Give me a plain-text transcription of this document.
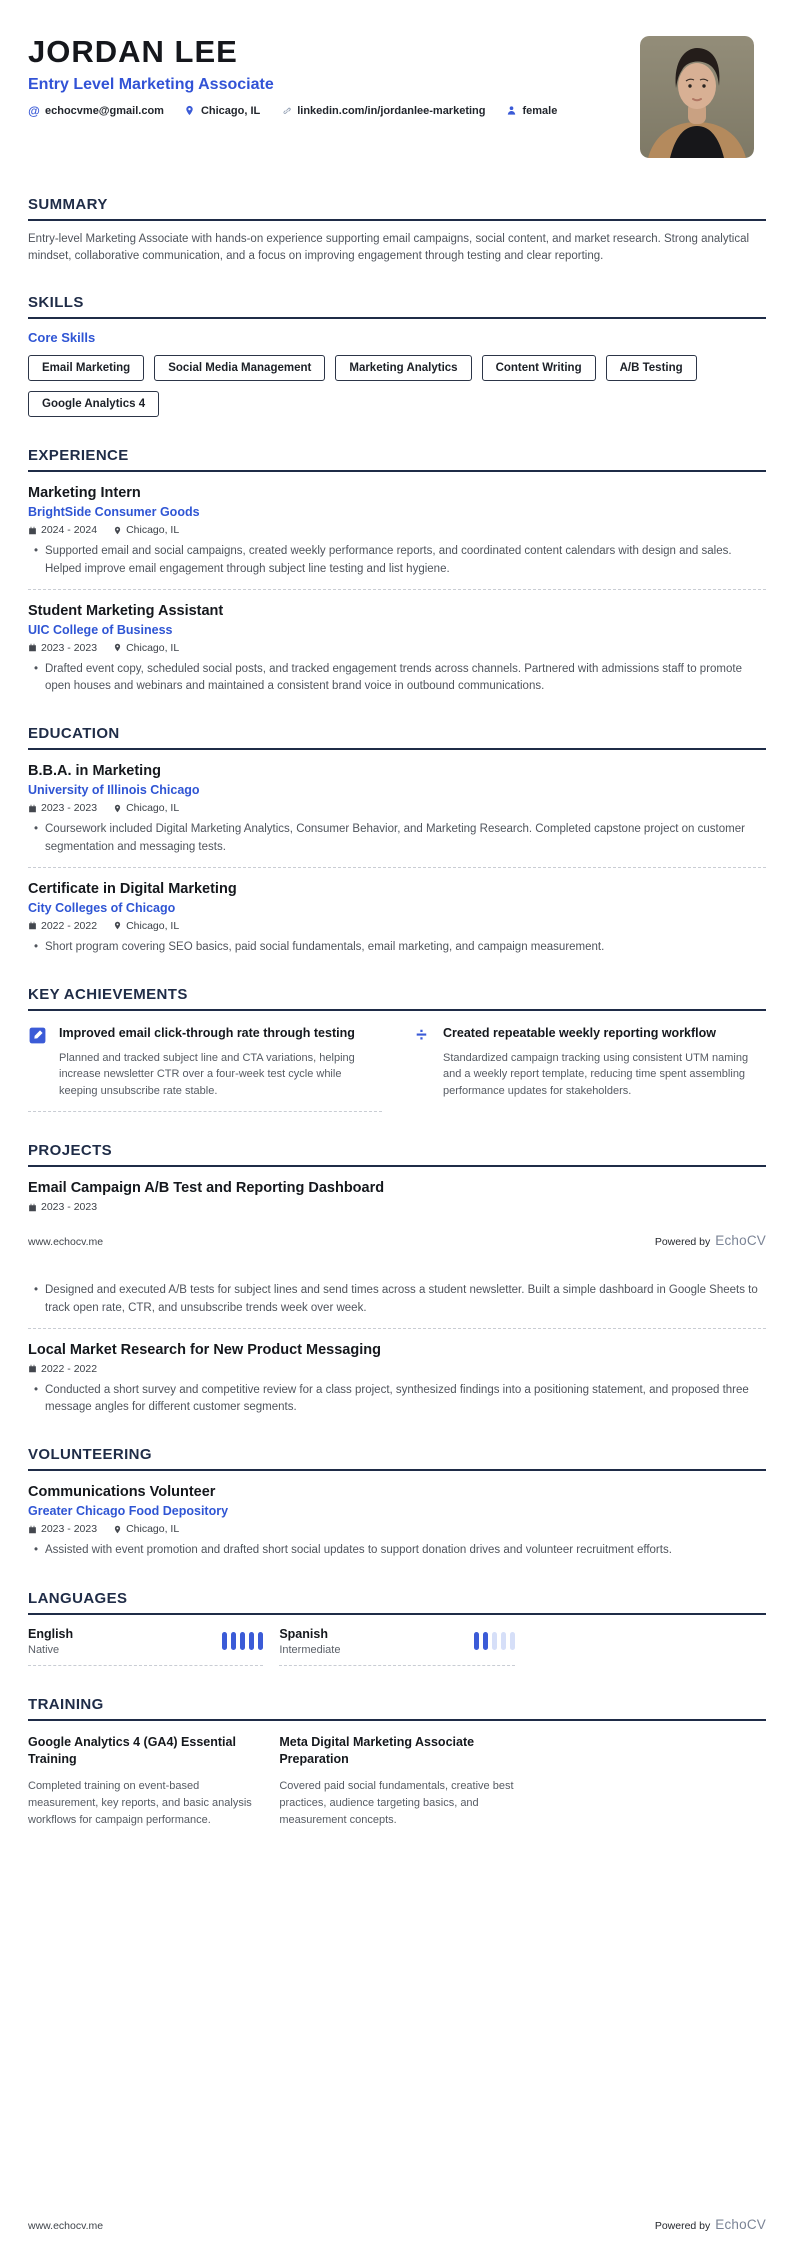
JORDAN LEE
Entry Level Marketing Associate
@ echocvme@gmail.com	Chicago, IL	linkedin.com/in/jordanlee-marketing	female
SUMMARY

Entry-level Marketing Associate with hands-on experience supporting email campaigns, social content, and market research. Strong analytical mindset, collaborative communication, and a focus on improving engagement through testing and clear reporting.

SKILLS
Core Skills
Email Marketing	Social Media Management	Marketing Analytics	Content Writing	A/B Testing
Google Analytics 4
EXPERIENCE
Marketing Intern
BrightSide Consumer Goods
2024 - 2024	Chicago, IL
• Supported email and social campaigns, created weekly performance reports, and coordinated content calendars with design and sales. Helped improve email engagement through subject line testing and list hygiene.
Student Marketing Assistant
UIC College of Business
2023 - 2023	Chicago, IL
• Drafted event copy, scheduled social posts, and tracked engagement trends across channels. Partnered with admissions staff to promote open houses and webinars and maintained a consistent brand voice in outbound communications.
EDUCATION
B.B.A. in Marketing
University of Illinois Chicago
2023 - 2023	Chicago, IL
• Coursework included Digital Marketing Analytics, Consumer Behavior, and Marketing Research. Completed capstone project on customer segmentation and messaging tests.
Certificate in Digital Marketing
City Colleges of Chicago
2022 - 2022	Chicago, IL
• Short program covering SEO basics, paid social fundamentals, email marketing, and campaign measurement.
KEY ACHIEVEMENTS
Improved email click-through rate through testing
Planned and tracked subject line and CTA variations, helping increase newsletter CTR over a four-week test cycle while keeping unsubscribe rate stable.
÷	Created repeatable weekly reporting workflow
Standardized campaign tracking using consistent UTM naming and a weekly report template, reducing time spent assembling performance updates for stakeholders.
PROJECTS
Email Campaign A/B Test and Reporting Dashboard
2023 - 2023
www.echocv.me	Powered by EchoCV
• Designed and executed A/B tests for subject lines and send times across a student newsletter. Built a simple dashboard in Google Sheets to track open rate, CTR, and unsubscribe trends week over week.
Local Market Research for New Product Messaging
2022 - 2022
• Conducted a short survey and competitive review for a class project, synthesized findings into a positioning statement, and proposed three message angles for different customer segments.
VOLUNTEERING
Communications Volunteer
Greater Chicago Food Depository
2023 - 2023	Chicago, IL
• Assisted with event promotion and drafted short social updates to support donation drives and volunteer recruitment efforts.
LANGUAGES
English
Native
Spanish
Intermediate
TRAINING
Google Analytics 4 (GA4) Essential Training
Completed training on event-based measurement, key reports, and basic analysis workflows for campaign performance.
Meta Digital Marketing Associate Preparation
Covered paid social fundamentals, creative best practices, audience targeting basics, and measurement concepts.
www.echocv.me	Powered by EchoCV
